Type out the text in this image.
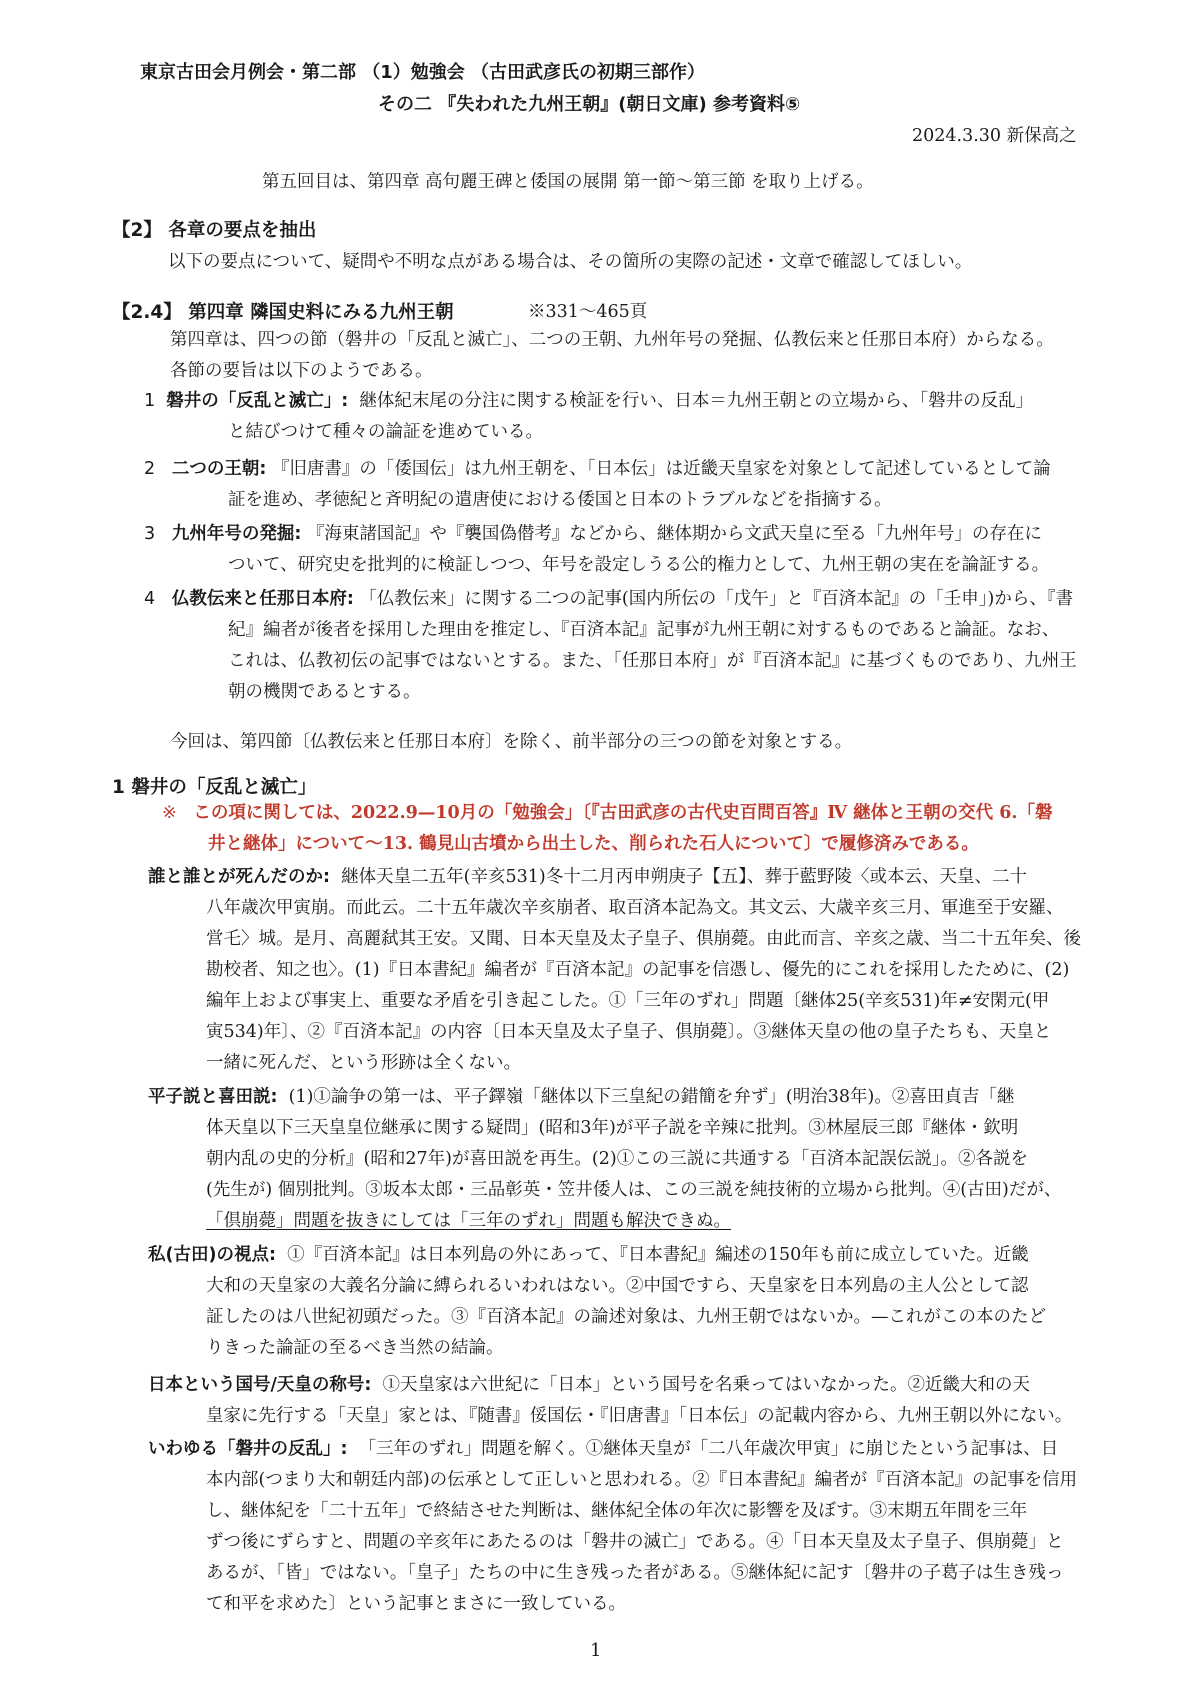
東京古田会月例会・第二部 （1）勉強会 （古田武彦氏の初期三部作）
その二 『失われた九州王朝』(朝日文庫) 参考資料⑤
2024.3.30 新保高之
第五回目は、第四章 高句麗王碑と倭国の展開 第一節～第三節 を取り上げる。
【2】 各章の要点を抽出
以下の要点について、疑問や不明な点がある場合は、その箇所の実際の記述・文章で確認してほしい。
【2.4】 第四章 隣国史料にみる九州王朝	※331～465頁

第四章は、四つの節（磐井の「反乱と滅亡」、二つの王朝、九州年号の発掘、仏教伝来と任那日本府）からなる。

各節の要旨は以下のようである。

1 磐井の「反乱と滅亡」: 継体紀末尾の分注に関する検証を行い、日本＝九州王朝との立場から、「磐井の反乱」

と結びつけて種々の論証を進めている。

2 二つの王朝: 『旧唐書』の「倭国伝」は九州王朝を、「日本伝」は近畿天皇家を対象として記述しているとして論

証を進め、孝徳紀と斉明紀の遣唐使における倭国と日本のトラブルなどを指摘する。

3 九州年号の発掘: 『海東諸国記』や『襲国偽僣考』などから、継体期から文武天皇に至る「九州年号」の存在に

ついて、研究史を批判的に検証しつつ、年号を設定しうる公的権力として、九州王朝の実在を論証する。

4 仏教伝来と任那日本府: 「仏教伝来」に関する二つの記事(国内所伝の「戊午」と『百済本記』の「壬申」)から、『書

紀』編者が後者を採用した理由を推定し、『百済本記』記事が九州王朝に対するものであると論証。なお、

これは、仏教初伝の記事ではないとする。また、「任那日本府」が『百済本記』に基づくものであり、九州王

朝の機関であるとする。

今回は、第四節〔仏教伝来と任那日本府〕を除く、前半部分の三つの節を対象とする。
1 磐井の「反乱と滅亡」

※ この項に関しては、2022.9—10月の「勉強会」〔『古田武彦の古代史百問百答』Ⅳ 継体と王朝の交代 6.「磐

井と継体」について～13. 鶴見山古墳から出土した、削られた石人について〕で履修済みである。

誰と誰とが死んだのか: 継体天皇二五年(辛亥531)冬十二月丙申朔庚子【五】、葬于藍野陵〈或本云、天皇、二十

八年歳次甲寅崩。而此云。二十五年歳次辛亥崩者、取百済本記為文。其文云、大歳辛亥三月、軍進至于安羅、

営乇〉城。是月、高麗弑其王安。又聞、日本天皇及太子皇子、倶崩薨。由此而言、辛亥之歳、当二十五年矣、後

勘校者、知之也〉。(1)『日本書紀』編者が『百済本記』の記事を信憑し、優先的にこれを採用したために、(2)

編年上および事実上、重要な矛盾を引き起こした。①「三年のずれ」問題〔継体25(辛亥531)年≠安閑元(甲

寅534)年〕、②『百済本記』の内容〔日本天皇及太子皇子、倶崩薨〕。③継体天皇の他の皇子たちも、天皇と

一緒に死んだ、という形跡は全くない。

平子説と喜田説: (1)①論争の第一は、平子鐸嶺「継体以下三皇紀の錯簡を弁ず」(明治38年)。②喜田貞吉「継

体天皇以下三天皇皇位継承に関する疑問」(昭和3年)が平子説を辛辣に批判。③林屋辰三郎『継体・欽明

朝内乱の史的分析』(昭和27年)が喜田説を再生。(2)①この三説に共通する「百済本記誤伝説」。②各説を

(先生が) 個別批判。③坂本太郎・三品彰英・笠井倭人は、この三説を純技術的立場から批判。④(古田)だが、

「倶崩薨」問題を抜きにしては「三年のずれ」問題も解決できぬ。

私(古田)の視点: ①『百済本記』は日本列島の外にあって、『日本書紀』編述の150年も前に成立していた。近畿

大和の天皇家の大義名分論に縛られるいわれはない。②中国ですら、天皇家を日本列島の主人公として認

証したのは八世紀初頭だった。③『百済本記』の論述対象は、九州王朝ではないか。—これがこの本のたど

りきった論証の至るべき当然の結論。

日本という国号/天皇の称号: ①天皇家は六世紀に「日本」という国号を名乗ってはいなかった。②近畿大和の天

皇家に先行する「天皇」家とは、『随書』俀国伝・『旧唐書』「日本伝」の記載内容から、九州王朝以外にない。

いわゆる「磐井の反乱」: 「三年のずれ」問題を解く。①継体天皇が「二八年歳次甲寅」に崩じたという記事は、日

本内部(つまり大和朝廷内部)の伝承として正しいと思われる。②『日本書紀』編者が『百済本記』の記事を信用

し、継体紀を「二十五年」で終結させた判断は、継体紀全体の年次に影響を及ぼす。③末期五年間を三年

ずつ後にずらすと、問題の辛亥年にあたるのは「磐井の滅亡」である。④「日本天皇及太子皇子、倶崩薨」と

あるが、「皆」ではない。「皇子」たちの中に生き残った者がある。⑤継体紀に記す〔磐井の子葛子は生き残っ

て和平を求めた〕という記事とまさに一致している。

1
